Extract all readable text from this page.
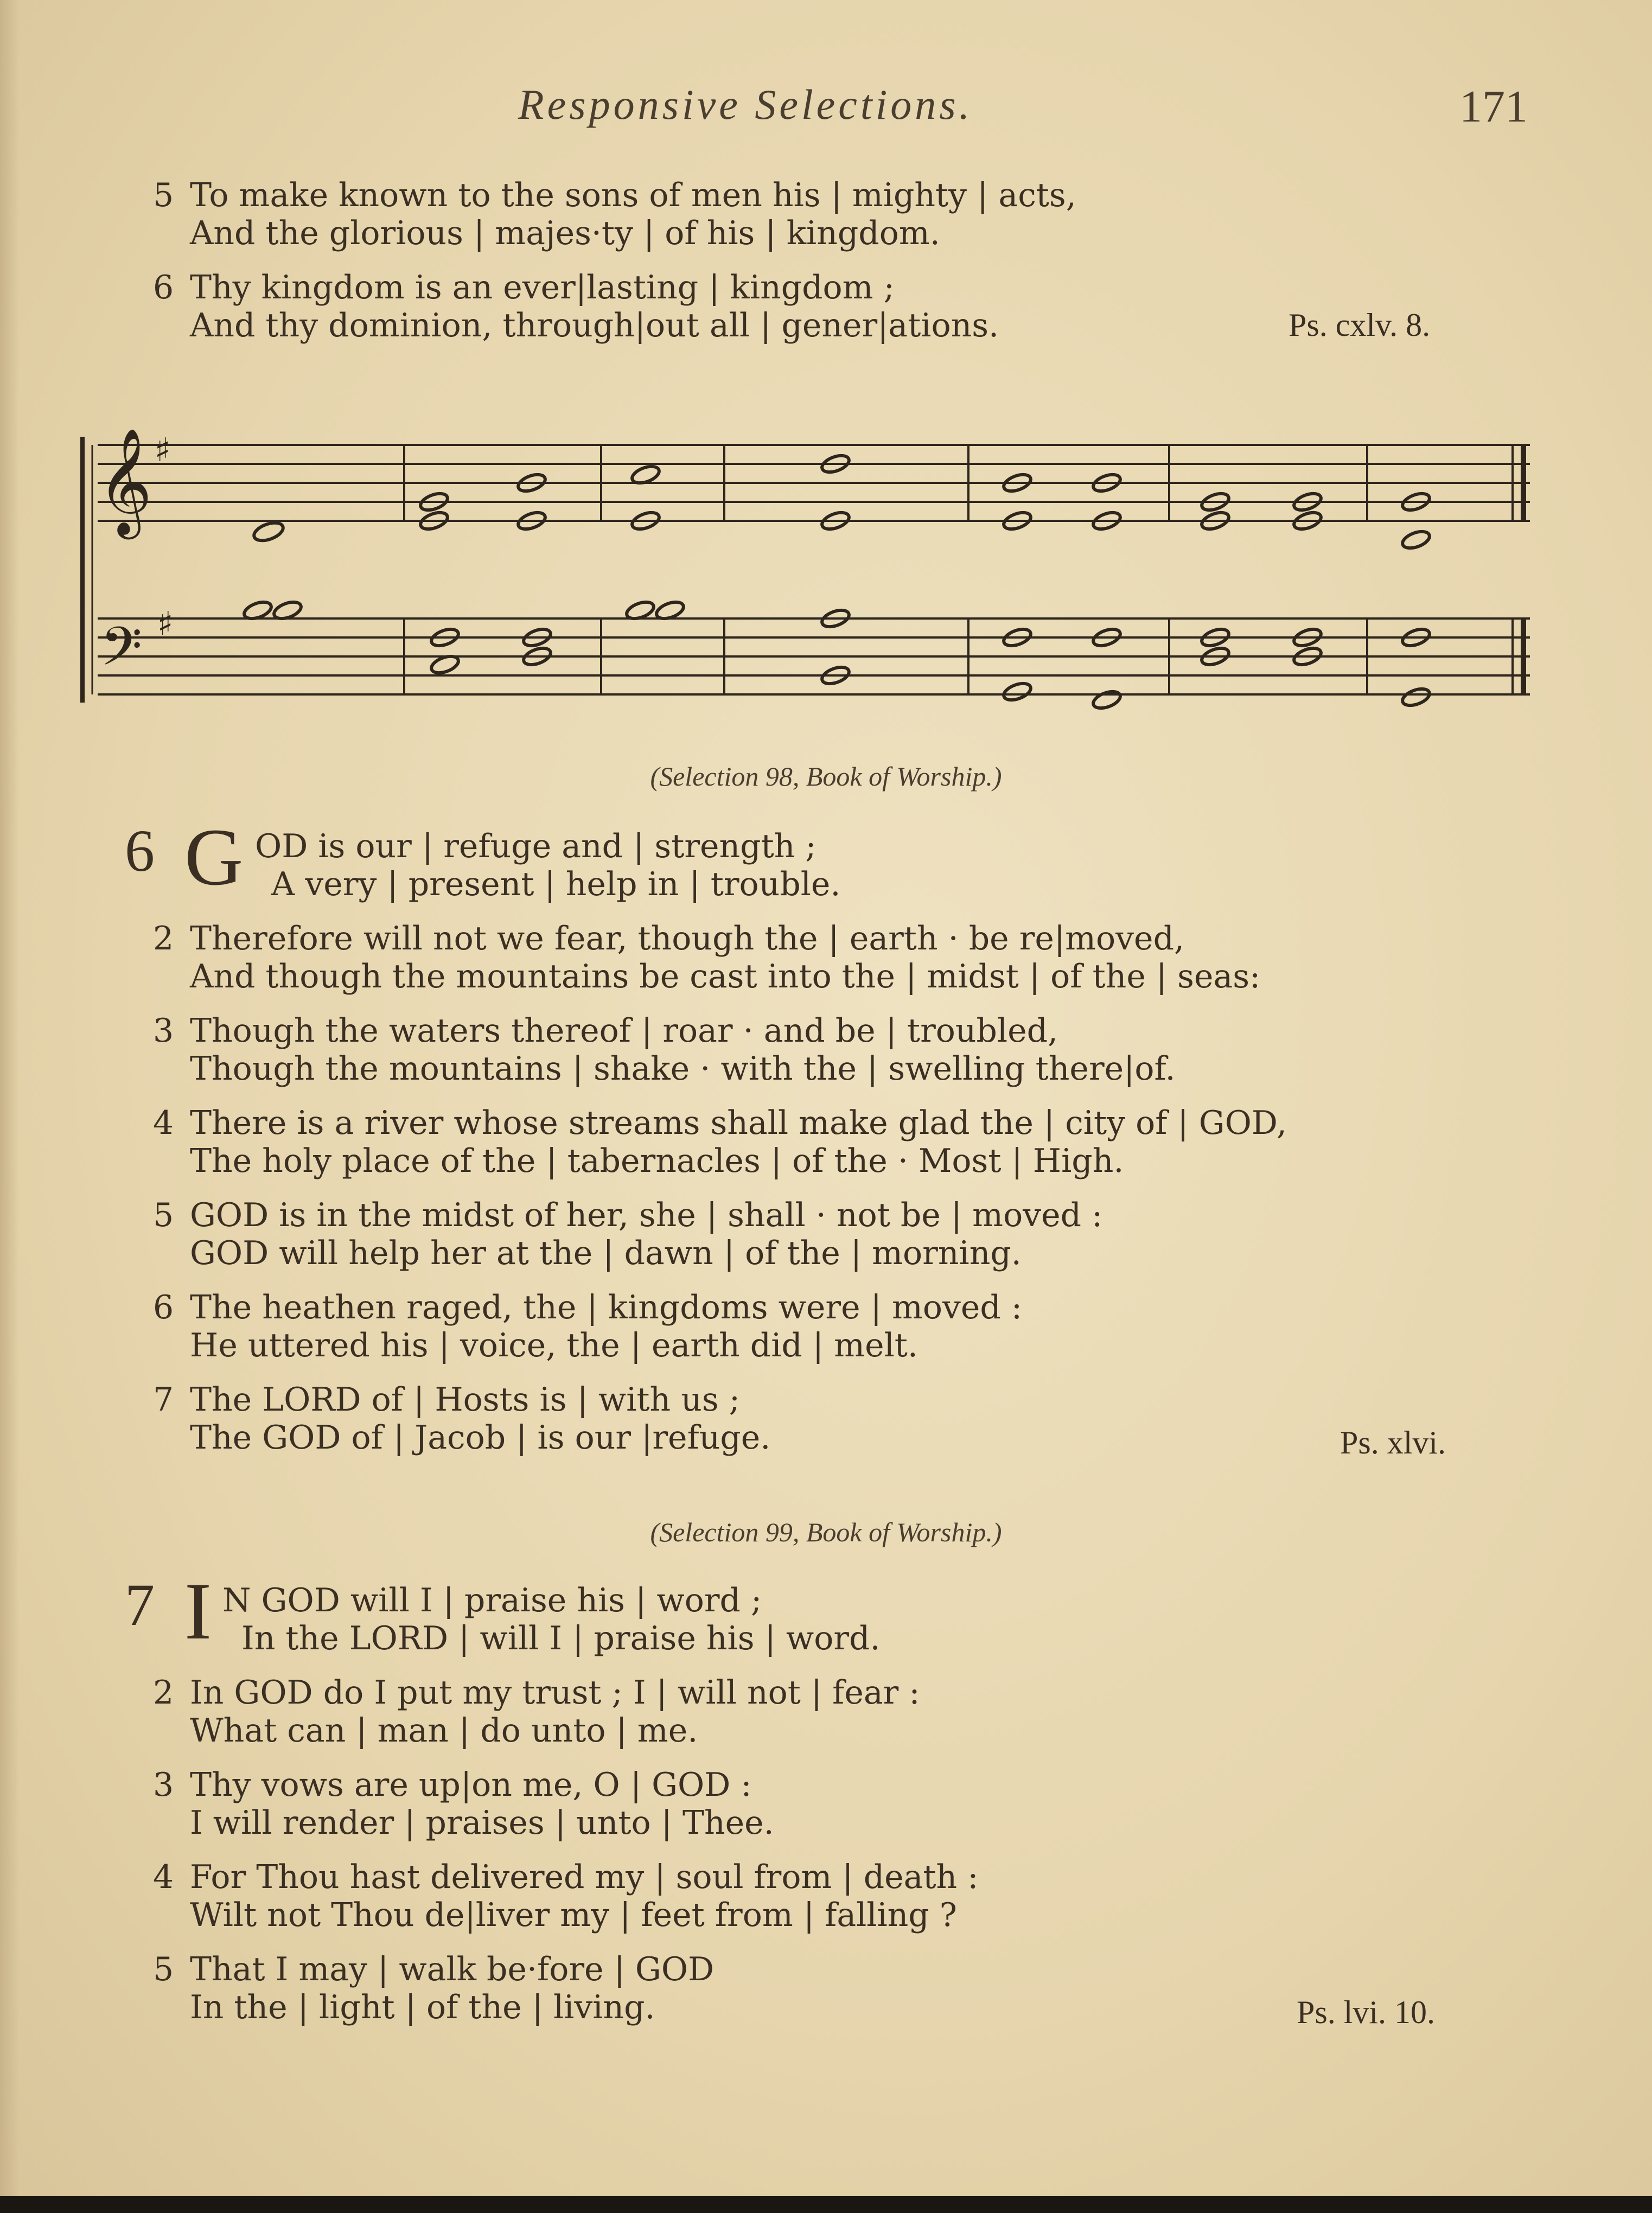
Responsive Selections.	171
5 To make known to the sons of men his | mighty | acts,
And the glorious | majes·ty | of his | kingdom.
6 Thy kingdom is an ever|lasting | kingdom ;
And thy dominion, through|out all | gener|ations.	Ps. cxlv. 8.
𝄞
𝄢
♯
♯
(Selection 98, Book of Worship.)
6 G OD is our | refuge and | strength ;
A very | present | help in | trouble.
2 Therefore will not we fear, though the | earth · be re|moved,
And though the mountains be cast into the | midst | of the | seas:
3 Though the waters thereof | roar · and be | troubled,
Though the mountains | shake · with the | swelling there|of.
4 There is a river whose streams shall make glad the | city of | GOD,
The holy place of the | tabernacles | of the · Most | High.
5 GOD is in the midst of her, she | shall · not be | moved :
GOD will help her at the | dawn | of the | morning.
6 The heathen raged, the | kingdoms were | moved :
He uttered his | voice, the | earth did | melt.
7 The LORD of | Hosts is | with us ;
The GOD of | Jacob | is our |refuge.	Ps. xlvi.
(Selection 99, Book of Worship.)
7 I N GOD will I | praise his | word ;
In the LORD | will I | praise his | word.
2 In GOD do I put my trust ; I | will not | fear :
What can | man | do unto | me.
3 Thy vows are up|on me, O | GOD :
I will render | praises | unto | Thee.
4 For Thou hast delivered my | soul from | death :
Wilt not Thou de|liver my | feet from | falling ?
5 That I may | walk be·fore | GOD
In the | light | of the | living.	Ps. lvi. 10.
